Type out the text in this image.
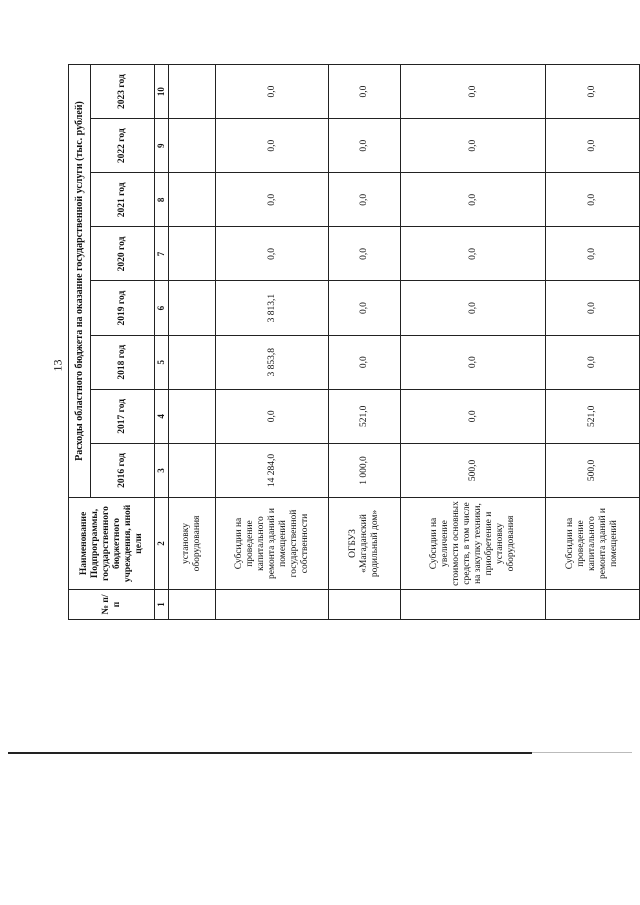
13
№ п/п	Наименование Подпрограммы, государственного бюджетного учреждения, иной цели	Расходы областного бюджета на оказание государственной услуги (тыс. рублей)							
		2016 год	2017 год	2018 год	2019 год	2020 год	2021 год	2022 год	2023 год
1	2	3	4	5	6	7	8	9	10
	установку оборудования								
	Субсидии на проведение капитального ремонта зданий и помещений государственной собственности	14 284,0	0,0	3 853,8	3 813,1	0,0	0,0	0,0	0,0
	ОГБУЗ «Магаданский родильный дом»	1 000,0	521,0	0,0	0,0	0,0	0,0	0,0	0,0
	Субсидии на увеличение стоимости основных средств, в том числе на закупку техники, приобретение и установку оборудования	500,0	0,0	0,0	0,0	0,0	0,0	0,0	0,0
	Субсидии на проведение капитального ремонта зданий и помещений	500,0	521,0	0,0	0,0	0,0	0,0	0,0	0,0
